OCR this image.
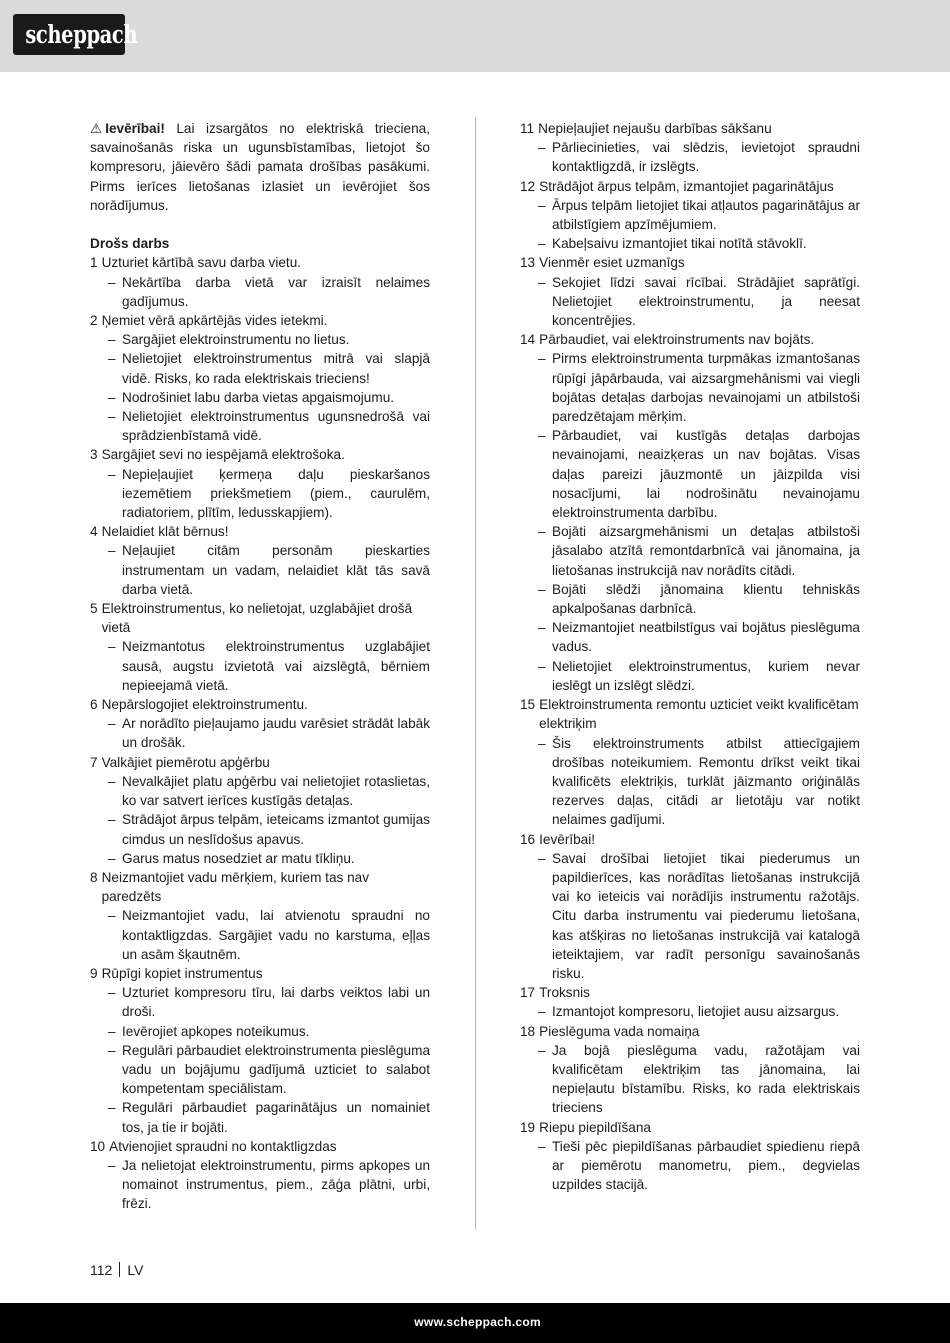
scheppach

⚠ Ievērībai! Lai izsargātos no elektriskā trieciena, savainošanās riska un ugunsbīstamības, lietojot šo kompresoru, jāievēro šādi pamata drošības pasākumi. Pirms ierīces lietošanas izlasiet un ievērojiet šos norādījumus.

Drošs darbs

1 Uzturiet kārtībā savu darba vietu.
– Nekārtība darba vietā var izraisīt nelaimes gadījumus.
2 Ņemiet vērā apkārtējās vides ietekmi.
– Sargājiet elektroinstrumentu no lietus.
– Nelietojiet elektroinstrumentus mitrā vai slapjā vidē. Risks, ko rada elektriskais trieciens!
– Nodrošiniet labu darba vietas apgaismojumu.
– Nelietojiet elektroinstrumentus ugunsnedrošā vai sprādzienbīstamā vidē.
3 Sargājiet sevi no iespējamā elektrošoka.
– Nepieļaujiet ķermeņa daļu pieskaršanos iezemētiem priekšmetiem (piem., caurulēm, radiatoriem, plītīm, ledusskapjiem).
4 Nelaidiet klāt bērnus!
– Neļaujiet citām personām pieskarties instrumentam un vadam, nelaidiet klāt tās savā darba vietā.
5 Elektroinstrumentus, ko nelietojat, uzglabājiet drošā vietā
– Neizmantotus elektroinstrumentus uzglabājiet sausā, augstu izvietotā vai aizslēgtā, bērniem nepieejamā vietā.
6 Nepārslogojiet elektroinstrumentu.
– Ar norādīto pieļaujamo jaudu varēsiet strādāt labāk un drošāk.
7 Valkājiet piemērotu apģērbu
– Nevalkājiet platu apģērbu vai nelietojiet rotaslietas, ko var satvert ierīces kustīgās detaļas.
– Strādājot ārpus telpām, ieteicams izmantot gumijas cimdus un neslīdošus apavus.
– Garus matus nosedziet ar matu tīkliņu.
8 Neizmantojiet vadu mērķiem, kuriem tas nav paredzēts
– Neizmantojiet vadu, lai atvienotu spraudni no kontaktligzdas. Sargājiet vadu no karstuma, eļļas un asām šķautnēm.
9 Rūpīgi kopiet instrumentus
– Uzturiet kompresoru tīru, lai darbs veiktos labi un droši.
– Ievērojiet apkopes noteikumus.
– Regulāri pārbaudiet elektroinstrumenta pieslēguma vadu un bojājumu gadījumā uzticiet to salabot kompetentam speciālistam.
– Regulāri pārbaudiet pagarinātājus un nomainiet tos, ja tie ir bojāti.
10 Atvienojiet spraudni no kontaktligzdas
– Ja nelietojat elektroinstrumentu, pirms apkopes un nomainot instrumentus, piem., zāģa plātni, urbi, frēzi.
11 Nepieļaujiet nejaušu darbības sākšanu
– Pārliecinieties, vai slēdzis, ievietojot spraudni kontaktligzdā, ir izslēgts.
12 Strādājot ārpus telpām, izmantojiet pagarinātājus
– Ārpus telpām lietojiet tikai atļautos pagarinātājus ar atbilstīgiem apzīmējumiem.
– Kabeļsaivu izmantojiet tikai notītā stāvoklī.
13 Vienmēr esiet uzmanīgs
– Sekojiet līdzi savai rīcībai. Strādājiet saprātīgi. Nelietojiet elektroinstrumentu, ja neesat koncentrējies.
14 Pārbaudiet, vai elektroinstruments nav bojāts.
– Pirms elektroinstrumenta turpmākas izmantošanas rūpīgi jāpārbauda, vai aizsargmehānismi vai viegli bojātas detaļas darbojas nevainojami un atbilstoši paredzētajam mērķim.
– Pārbaudiet, vai kustīgās detaļas darbojas nevainojami, neaizķeras un nav bojātas. Visas daļas pareizi jāuzmontē un jāizpilda visi nosacījumi, lai nodrošinātu nevainojamu elektroinstrumenta darbību.
– Bojāti aizsargmehānismi un detaļas atbilstoši jāsalabo atzītā remontdarbnīcā vai jānomaina, ja lietošanas instrukcijā nav norādīts citādi.
– Bojāti slēdži jānomaina klientu tehniskās apkalpošanas darbnīcā.
– Neizmantojiet neatbilstīgus vai bojātus pieslēguma vadus.
– Nelietojiet elektroinstrumentus, kuriem nevar ieslēgt un izslēgt slēdzi.
15 Elektroinstrumenta remontu uzticiet veikt kvalificētam elektriķim
– Šis elektroinstruments atbilst attiecīgajiem drošības noteikumiem. Remontu drīkst veikt tikai kvalificēts elektriķis, turklāt jāizmanto oriģinālās rezerves daļas, citādi ar lietotāju var notikt nelaimes gadījumi.
16 Ievērībai!
– Savai drošībai lietojiet tikai piederumus un papildierīces, kas norādītas lietošanas instrukcijā vai ko ieteicis vai norādījis instrumentu ražotājs. Citu darba instrumentu vai piederumu lietošana, kas atšķiras no lietošanas instrukcijā vai katalogā ieteiktajiem, var radīt personīgu savainošanās risku.
17 Troksnis
– Izmantojot kompresoru, lietojiet ausu aizsargus.
18 Pieslēguma vada nomaiņa
– Ja bojā pieslēguma vadu, ražotājam vai kvalificētam elektriķim tas jānomaina, lai nepieļautu bīstamību. Risks, ko rada elektriskais trieciens
19 Riepu piepildīšana
– Tieši pēc piepildīšanas pārbaudiet spiedienu riepā ar piemērotu manometru, piem., degvielas uzpildes stacijā.
112 LV
www.scheppach.com
